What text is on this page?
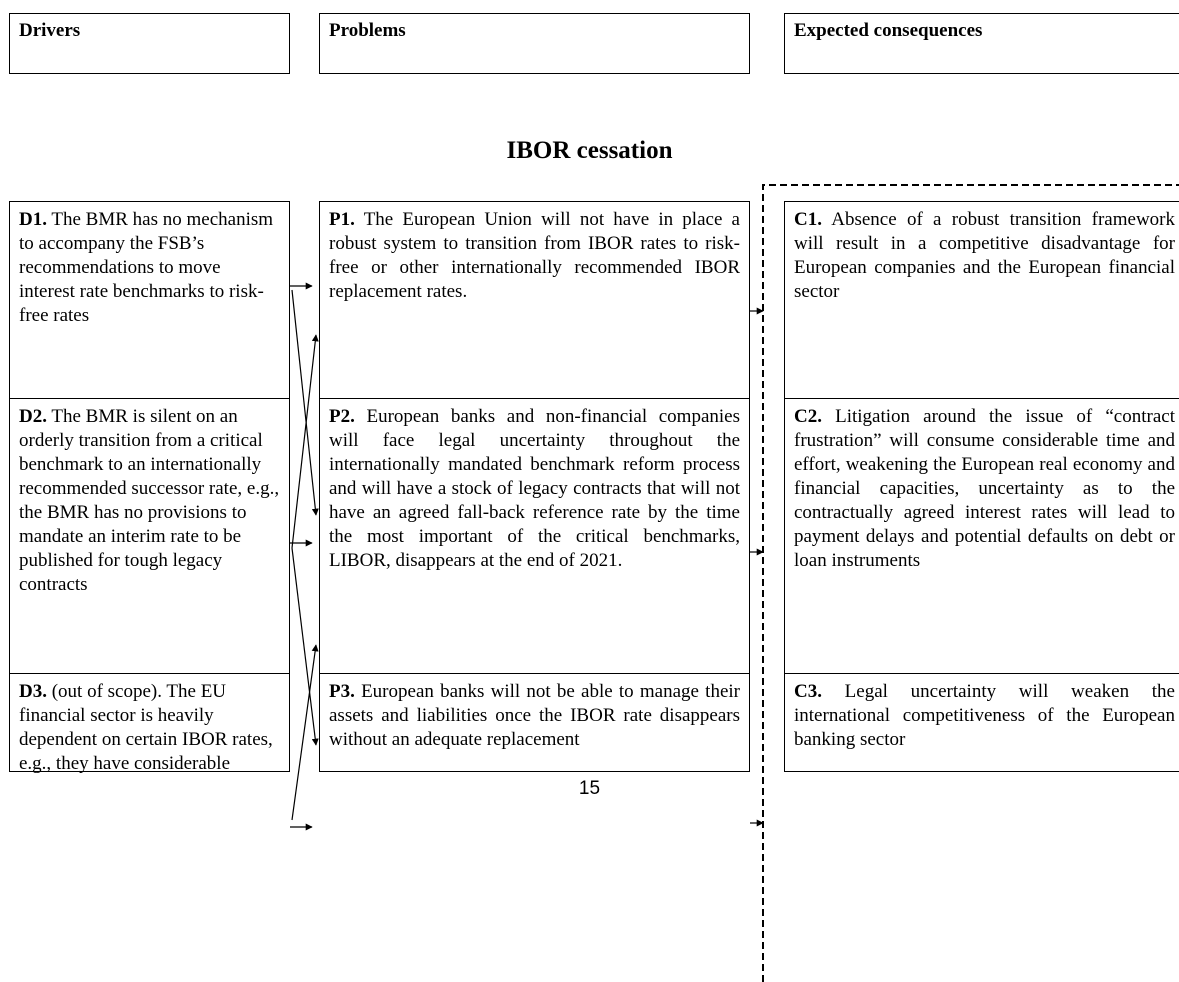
Drivers	Problems	Expected consequences
IBOR cessation
D1. The BMR has no mechanism to accompany the FSB’s recommendations to move interest rate benchmarks to risk-free rates
D2. The BMR is silent on an orderly transition from a critical benchmark to an internationally recommended successor rate, e.g., the BMR has no provisions to mandate an interim rate to be published for tough legacy contracts
D3. (out of scope). The EU financial sector is heavily dependent on certain IBOR rates, e.g., they have considerable
P1. The European Union will not have in place a robust system to transition from IBOR rates to risk-free or other internationally recommended IBOR replacement rates.
P2. European banks and non-financial companies will face legal uncertainty throughout the internationally mandated benchmark reform process and will have a stock of legacy contracts that will not have an agreed fall-back reference rate by the time the most important of the critical benchmarks, LIBOR, disappears at the end of 2021.
P3. European banks will not be able to manage their assets and liabilities once the IBOR rate disappears without an adequate replacement
C1. Absence of a robust transition framework will result in a competitive disadvantage for European companies and the European financial sector
C2. Litigation around the issue of “contract frustration” will consume considerable time and effort, weakening the European real economy and financial capacities, uncertainty as to the contractually agreed interest rates will lead to payment delays and potential defaults on debt or loan instruments
C3. Legal uncertainty will weaken the international competitiveness of the European banking sector
15
